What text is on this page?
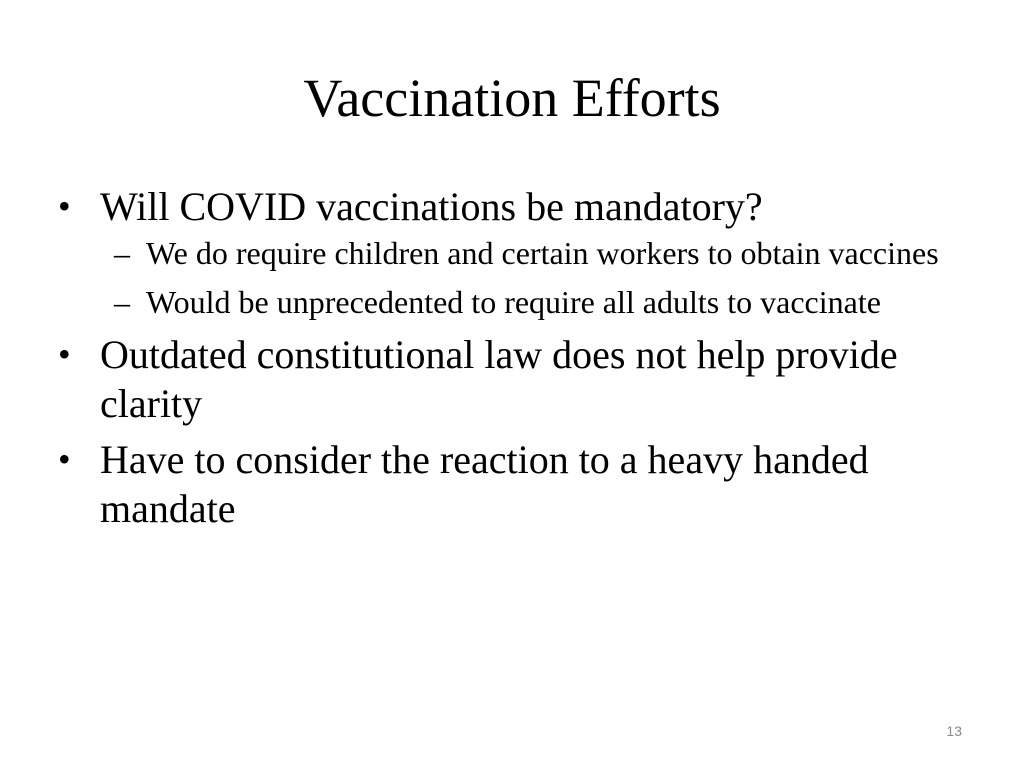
Vaccination Efforts
• Will COVID vaccinations be mandatory?
– We do require children and certain workers to obtain vaccines
– Would be unprecedented to require all adults to vaccinate
• Outdated constitutional law does not help provide clarity
• Have to consider the reaction to a heavy handed mandate
13
